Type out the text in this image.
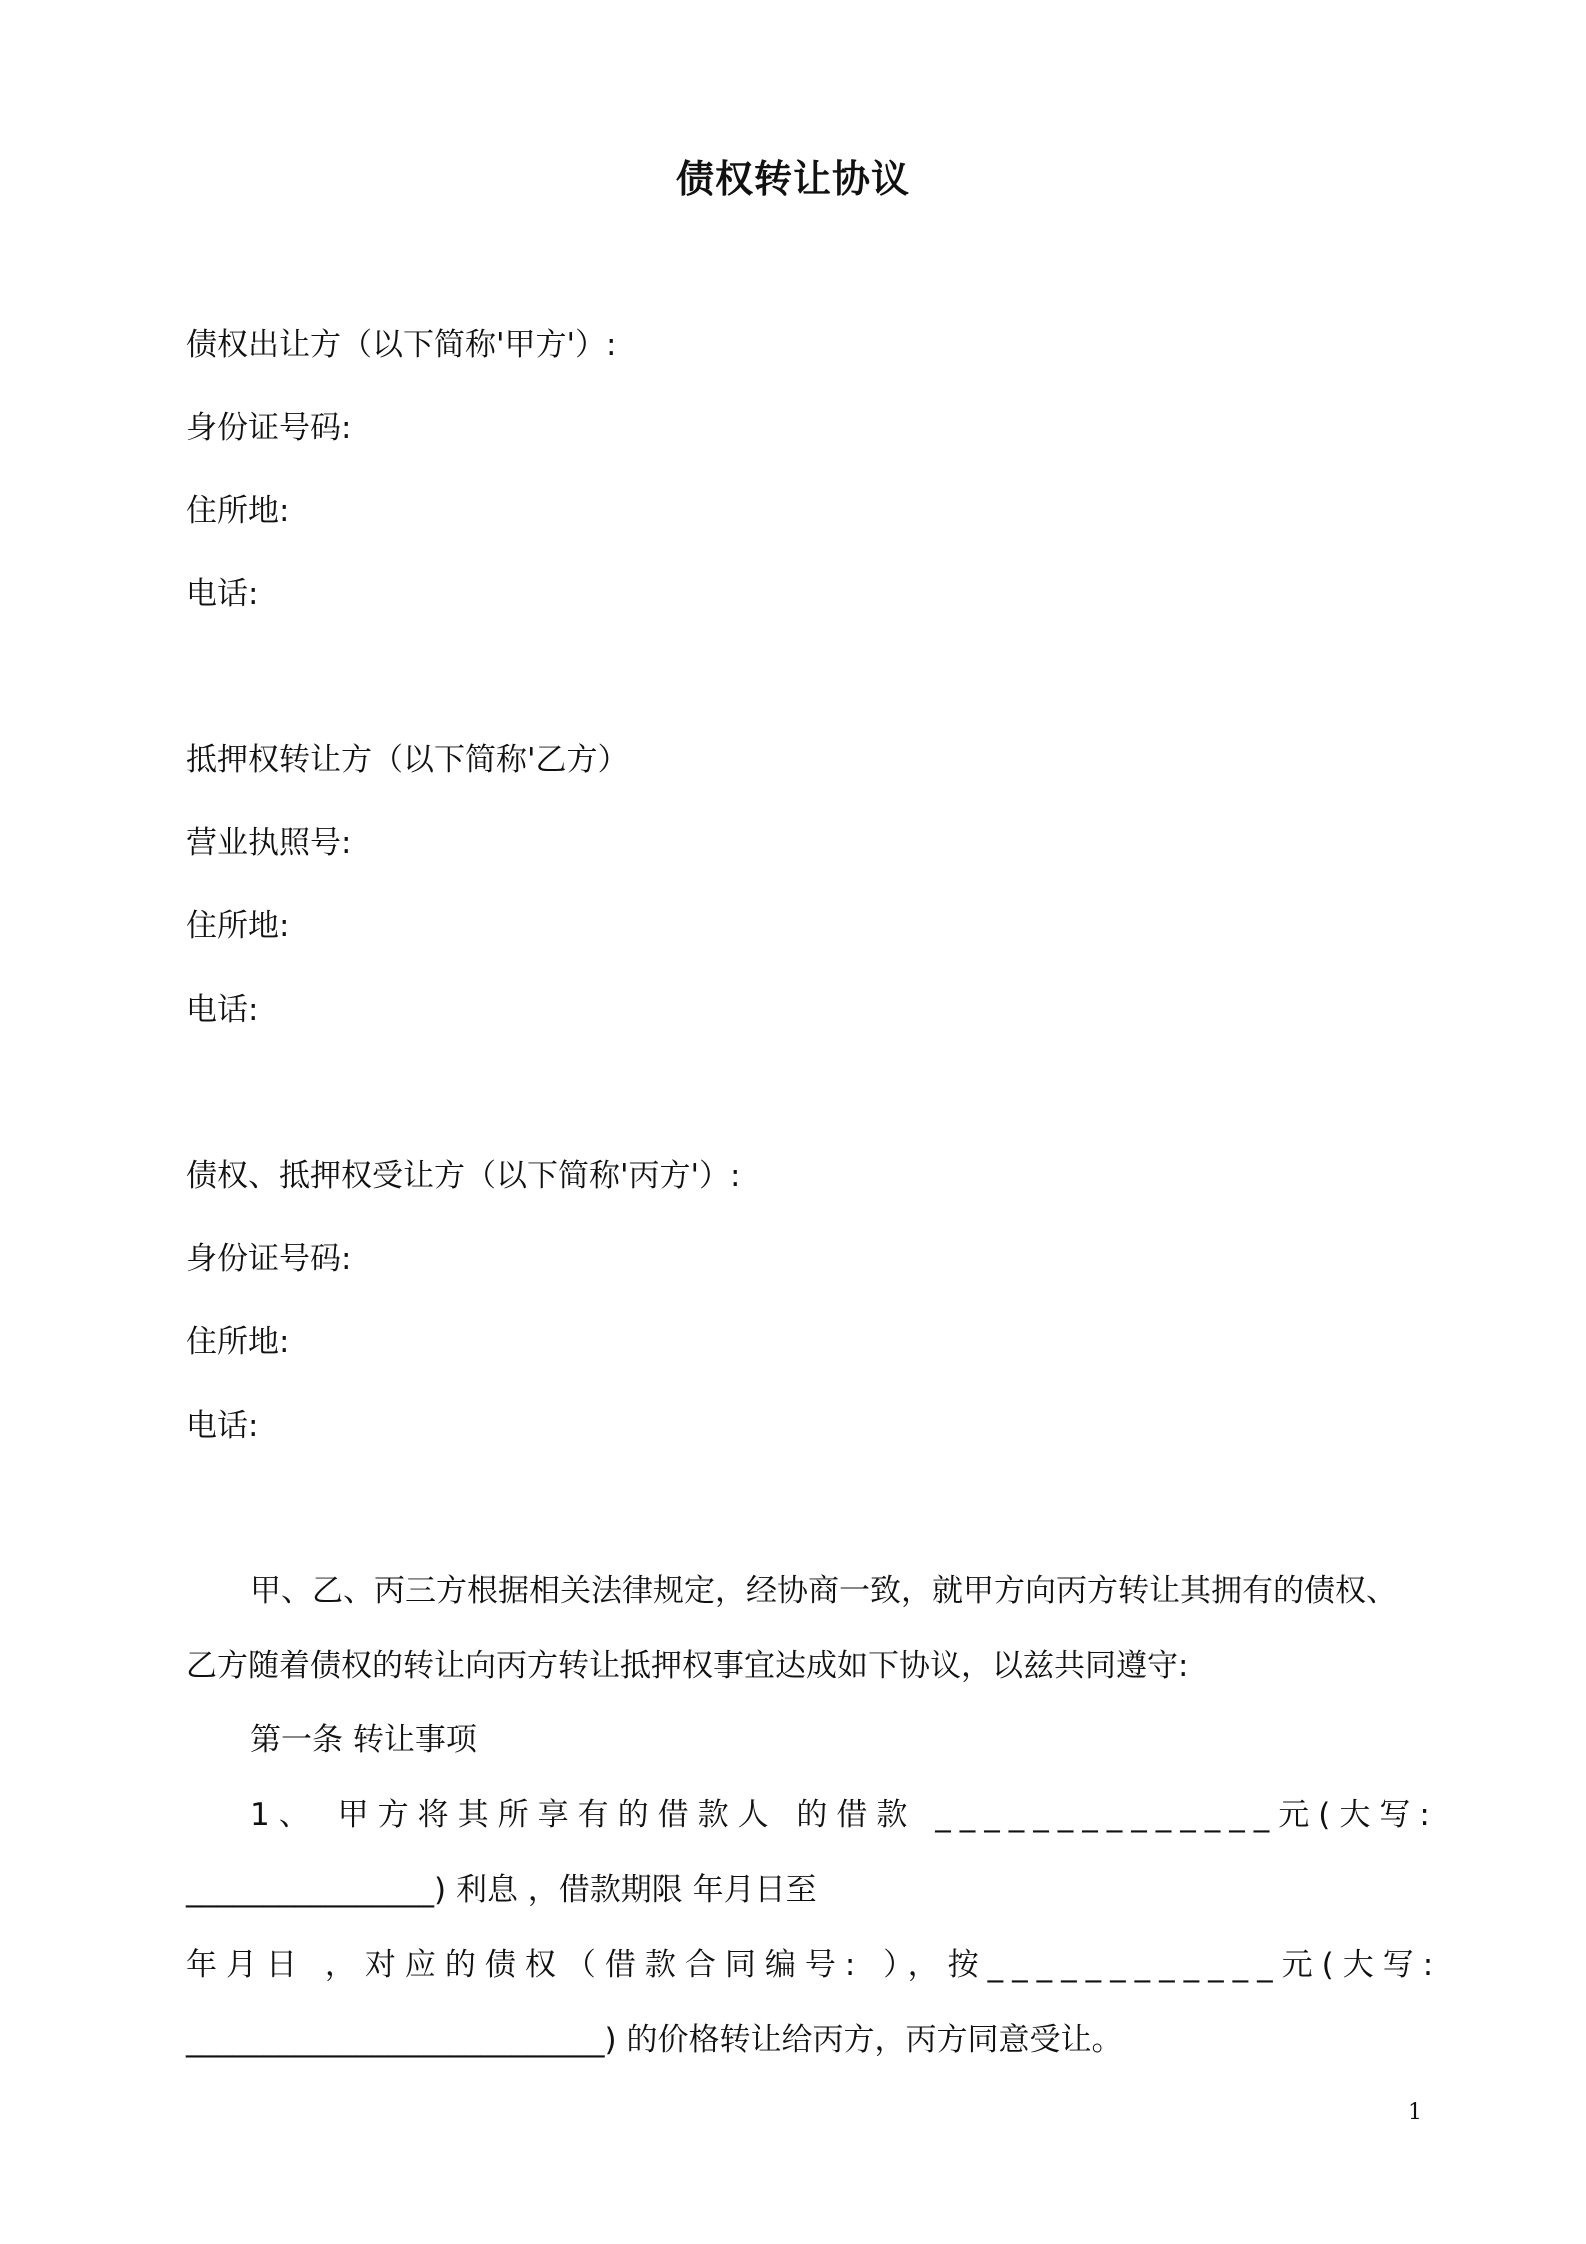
债权转让协议
债权出让方（以下简称'甲方'）:
身份证号码:
住所地:
电话:
抵押权转让方（以下简称'乙方）
营业执照号:
住所地:
电话:
债权、抵押权受让方（以下简称'丙方'）:
身份证号码:
住所地:
电话:
甲、乙、丙三方根据相关法律规定，经协商一致，就甲方向丙方转让其拥有的债权、
乙方随着债权的转让向丙方转让抵押权事宜达成如下协议，以兹共同遵守:
第一条 转让事项
1、 甲方将其所享有的借款人 的借款 ______________元(大写:
________________) 利息 ，借款期限 年月日至
年月日 ，对应的债权（借款合同编号: ），按____________元(大写:
___________________________) 的价格转让给丙方，丙方同意受让。
1
